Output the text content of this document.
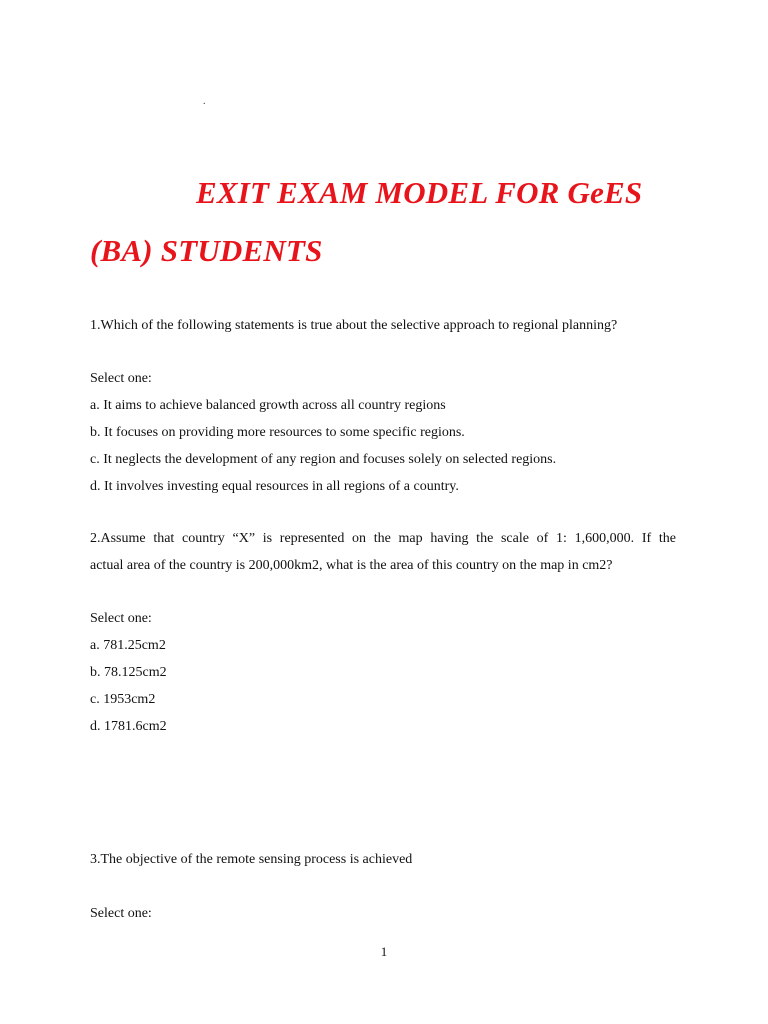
.
EXIT EXAM MODEL FOR GeES
(BA) STUDENTS

1.Which of the following statements is true about the selective approach to regional planning?

Select one:

a. It aims to achieve balanced growth across all country regions

b. It focuses on providing more resources to some specific regions.

c. It neglects the development of any region and focuses solely on selected regions.

d. It involves investing equal resources in all regions of a country.

2.Assume that country “X” is represented on the map having the scale of 1: 1,600,000. If the

actual area of the country is 200,000km2, what is the area of this country on the map in cm2?

Select one:

a. 781.25cm2

b. 78.125cm2

c. 1953cm2

d. 1781.6cm2

3.The objective of the remote sensing process is achieved

Select one:

1
